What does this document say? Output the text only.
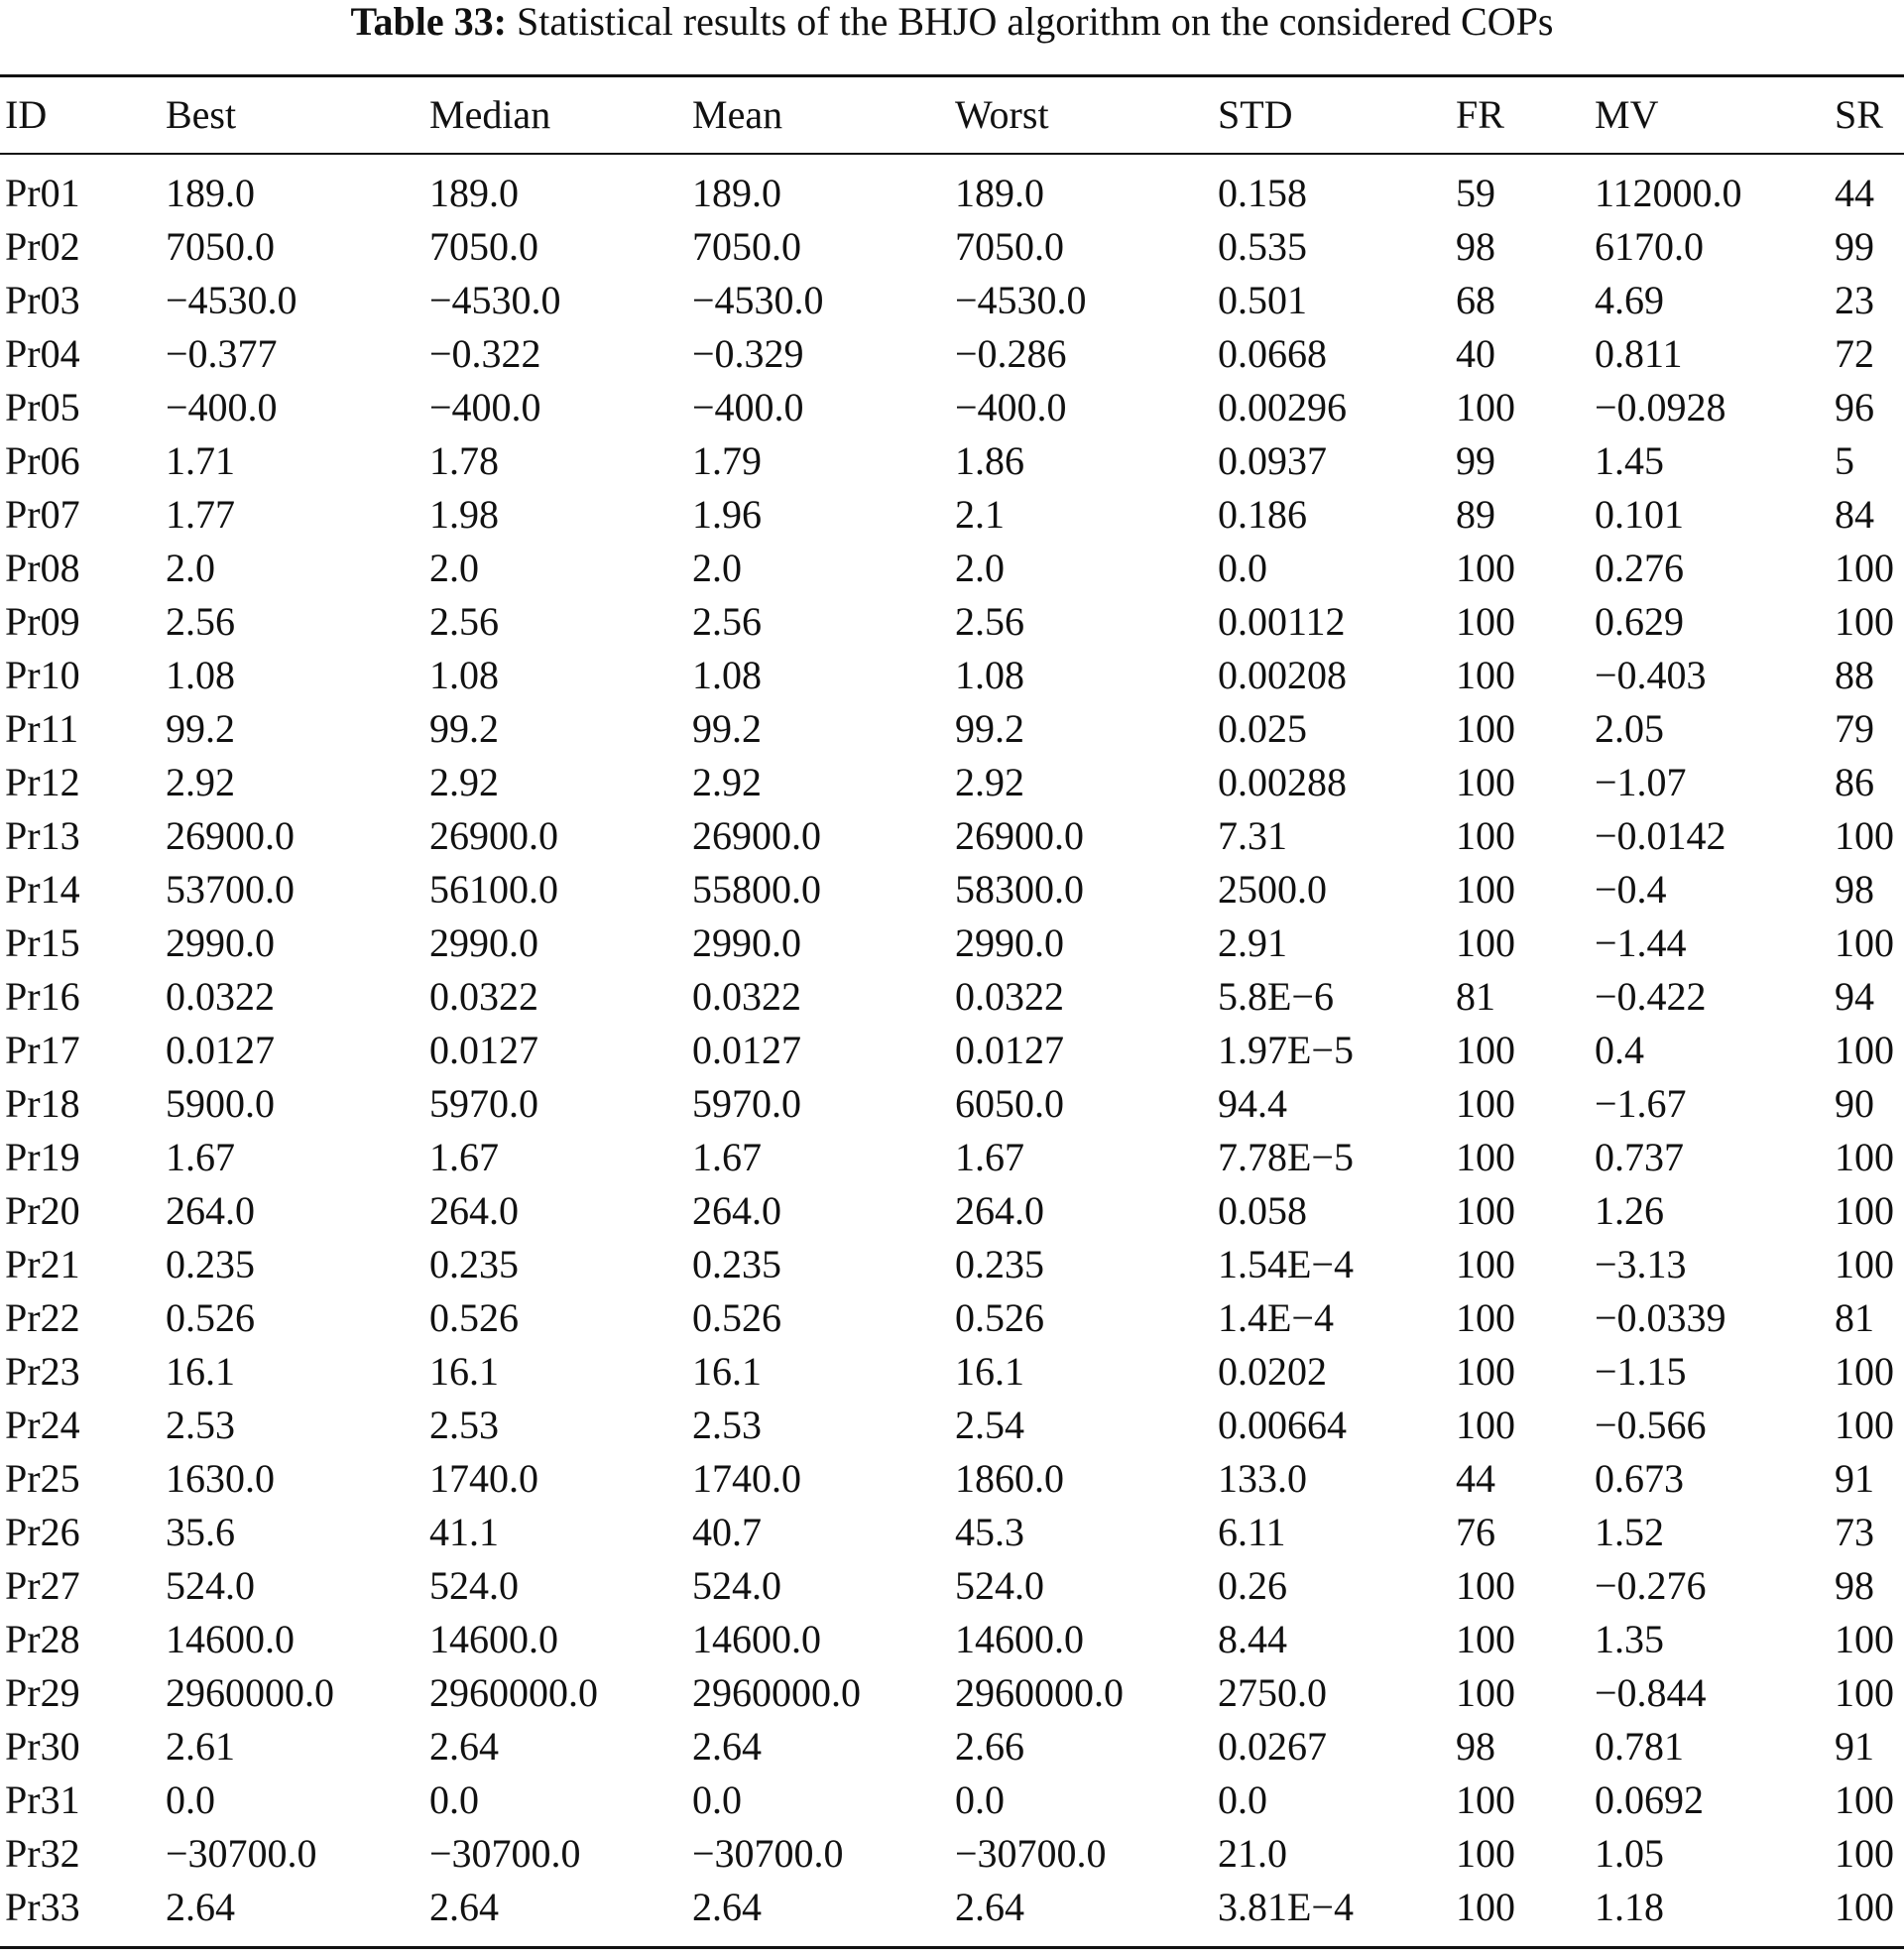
Table 33: Statistical results of the BHJO algorithm on the considered COPs
ID	Best	Median	Mean	Worst	STD	FR	MV	SR

Pr01	189.0	189.0	189.0	189.0	0.158	59	112000.0	44
Pr02	7050.0	7050.0	7050.0	7050.0	0.535	98	6170.0	99
Pr03	−4530.0	−4530.0	−4530.0	−4530.0	0.501	68	4.69	23
Pr04	−0.377	−0.322	−0.329	−0.286	0.0668	40	0.811	72
Pr05	−400.0	−400.0	−400.0	−400.0	0.00296	100	−0.0928	96
Pr06	1.71	1.78	1.79	1.86	0.0937	99	1.45	5
Pr07	1.77	1.98	1.96	2.1	0.186	89	0.101	84
Pr08	2.0	2.0	2.0	2.0	0.0	100	0.276	100
Pr09	2.56	2.56	2.56	2.56	0.00112	100	0.629	100
Pr10	1.08	1.08	1.08	1.08	0.00208	100	−0.403	88
Pr11	99.2	99.2	99.2	99.2	0.025	100	2.05	79
Pr12	2.92	2.92	2.92	2.92	0.00288	100	−1.07	86
Pr13	26900.0	26900.0	26900.0	26900.0	7.31	100	−0.0142	100
Pr14	53700.0	56100.0	55800.0	58300.0	2500.0	100	−0.4	98
Pr15	2990.0	2990.0	2990.0	2990.0	2.91	100	−1.44	100
Pr16	0.0322	0.0322	0.0322	0.0322	5.8E−6	81	−0.422	94
Pr17	0.0127	0.0127	0.0127	0.0127	1.97E−5	100	0.4	100
Pr18	5900.0	5970.0	5970.0	6050.0	94.4	100	−1.67	90
Pr19	1.67	1.67	1.67	1.67	7.78E−5	100	0.737	100
Pr20	264.0	264.0	264.0	264.0	0.058	100	1.26	100
Pr21	0.235	0.235	0.235	0.235	1.54E−4	100	−3.13	100
Pr22	0.526	0.526	0.526	0.526	1.4E−4	100	−0.0339	81
Pr23	16.1	16.1	16.1	16.1	0.0202	100	−1.15	100
Pr24	2.53	2.53	2.53	2.54	0.00664	100	−0.566	100
Pr25	1630.0	1740.0	1740.0	1860.0	133.0	44	0.673	91
Pr26	35.6	41.1	40.7	45.3	6.11	76	1.52	73
Pr27	524.0	524.0	524.0	524.0	0.26	100	−0.276	98
Pr28	14600.0	14600.0	14600.0	14600.0	8.44	100	1.35	100
Pr29	2960000.0	2960000.0	2960000.0	2960000.0	2750.0	100	−0.844	100
Pr30	2.61	2.64	2.64	2.66	0.0267	98	0.781	91
Pr31	0.0	0.0	0.0	0.0	0.0	100	0.0692	100
Pr32	−30700.0	−30700.0	−30700.0	−30700.0	21.0	100	1.05	100
Pr33	2.64	2.64	2.64	2.64	3.81E−4	100	1.18	100
